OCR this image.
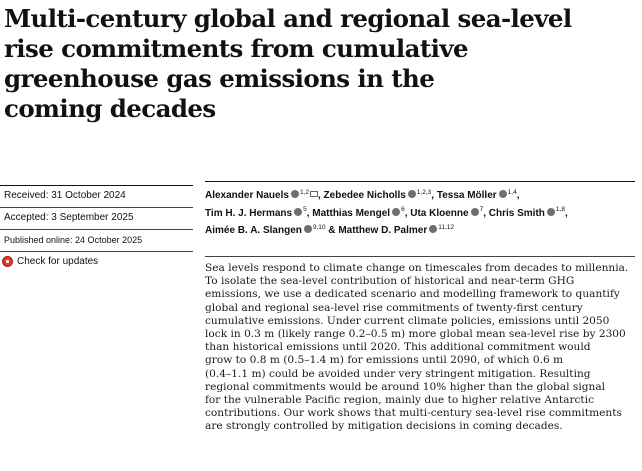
Multi-century global and regional sea-level
rise commitments from cumulative
greenhouse gas emissions in the
coming decades
Received: 31 October 2024
Accepted: 3 September 2025
Published online: 24 October 2025
Check for updates
Alexander Nauels $^{1,2}$ , Zebedee Nicholls $^{1,2,3}$, Tessa Möller $^{1,4}$,
Tim H. J. Hermans $^5$, Matthias Mengel $^6$, Uta Kloenne $^7$, Chris Smith $^{1,8}$,
Aimée B. A. Slangen $^{9,10}$ & Matthew D. Palmer $^{11,12}$

Sea levels respond to climate change on timescales from decades to millennia.
To isolate the sea-level contribution of historical and near-term GHG
emissions, we use a dedicated scenario and modelling framework to quantify
global and regional sea-level rise commitments of twenty-first century
cumulative emissions. Under current climate policies, emissions until 2050
lock in 0.3 m (likely range 0.2–0.5 m) more global mean sea-level rise by 2300
than historical emissions until 2020. This additional commitment would
grow to 0.8 m (0.5–1.4 m) for emissions until 2090, of which 0.6 m
(0.4–1.1 m) could be avoided under very stringent mitigation. Resulting
regional commitments would be around 10% higher than the global signal
for the vulnerable Pacific region, mainly due to higher relative Antarctic
contributions. Our work shows that multi-century sea-level rise commitments
are strongly controlled by mitigation decisions in coming decades.
